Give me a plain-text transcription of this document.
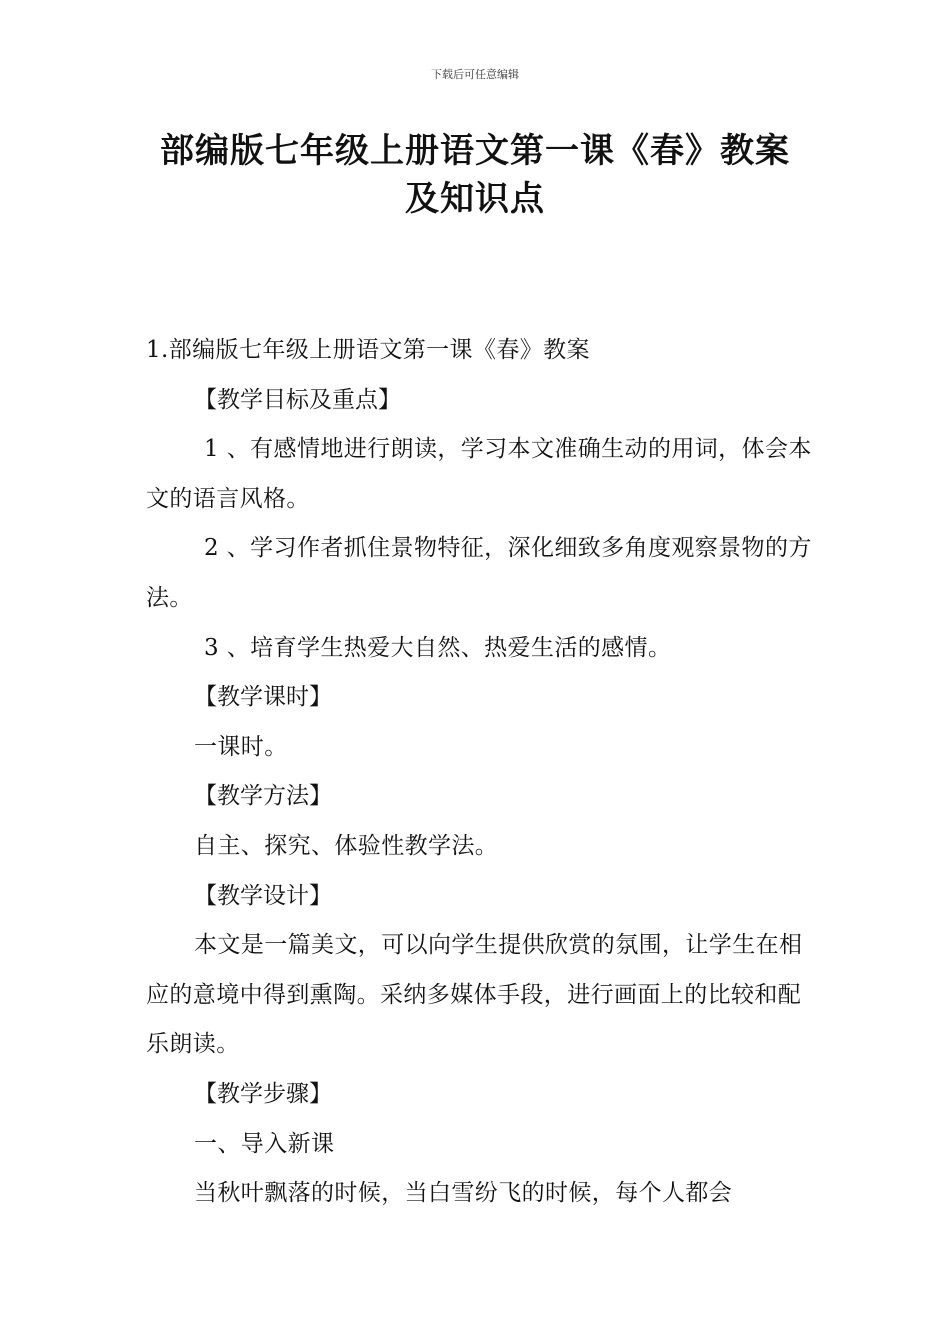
下载后可任意编辑
部编版七年级上册语文第一课《春》教案
及知识点

1.部编版七年级上册语文第一课《春》教案

【教学目标及重点】

1 、有感情地进行朗读，学习本文准确生动的用词，体会本文的语言风格。

2 、学习作者抓住景物特征，深化细致多角度观察景物的方法。

3 、培育学生热爱大自然、热爱生活的感情。

【教学课时】

一课时。

【教学方法】

自主、探究、体验性教学法。

【教学设计】

本文是一篇美文，可以向学生提供欣赏的氛围，让学生在相应的意境中得到熏陶。采纳多媒体手段，进行画面上的比较和配乐朗读。

【教学步骤】

一、导入新课

当秋叶飘落的时候，当白雪纷飞的时候，每个人都会
